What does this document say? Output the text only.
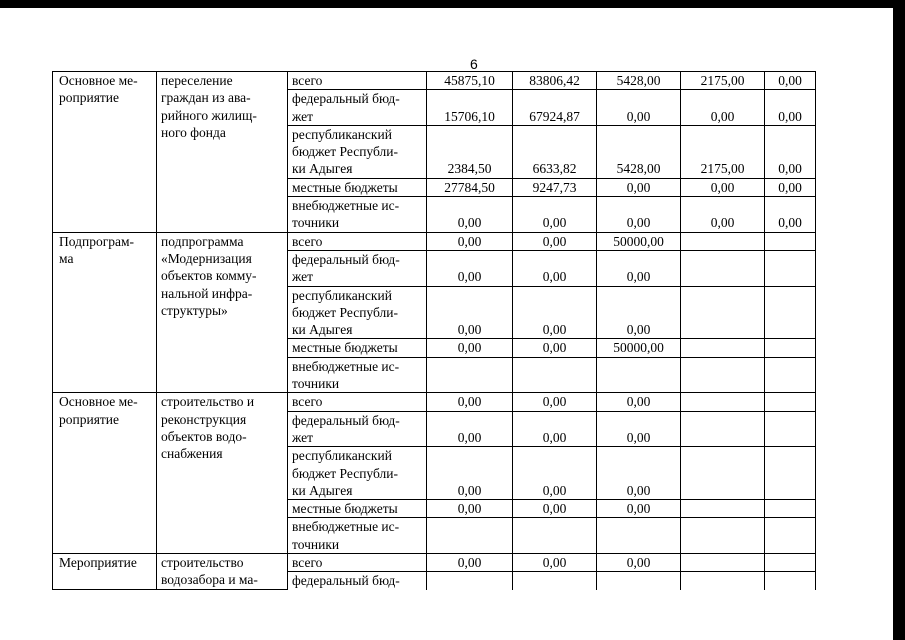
6
Основное ме-
роприятие	переселение
граждан из ава-
рийного жилищ-
ного фонда	всего	45875,10	83806,42	5428,00	2175,00	0,00
		федеральный бюд-
жет	15706,10	67924,87	0,00	0,00	0,00
		республиканский
бюджет Республи-
ки Адыгея	2384,50	6633,82	5428,00	2175,00	0,00
		местные бюджеты	27784,50	9247,73	0,00	0,00	0,00
		внебюджетные ис-
точники	0,00	0,00	0,00	0,00	0,00
Подпрограм-
ма	подпрограмма
«Модернизация
объектов комму-
нальной инфра-
структуры»	всего	0,00	0,00	50000,00		
		федеральный бюд-
жет	0,00	0,00	0,00		
		республиканский
бюджет Республи-
ки Адыгея	0,00	0,00	0,00		
		местные бюджеты	0,00	0,00	50000,00		
		внебюджетные ис-
точники					
Основное ме-
роприятие	строительство и
реконструкция
объектов водо-
снабжения	всего	0,00	0,00	0,00		
		федеральный бюд-
жет	0,00	0,00	0,00		
		республиканский
бюджет Республи-
ки Адыгея	0,00	0,00	0,00		
		местные бюджеты	0,00	0,00	0,00		
		внебюджетные ис-
точники					
Мероприятие	строительство
водозабора и ма-	всего	0,00	0,00	0,00		
		федеральный бюд-					
